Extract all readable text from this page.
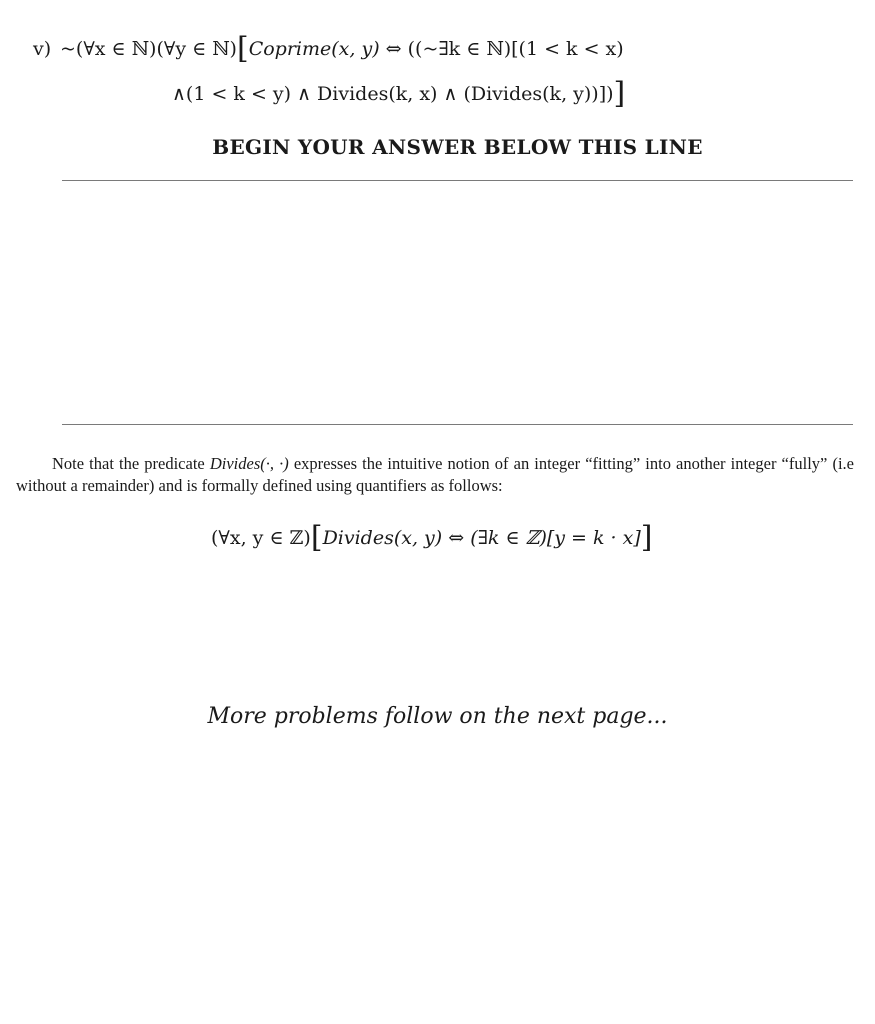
v) ~(∀x ∈ ℕ)(∀y ∈ ℕ)[Coprime(x, y) ⇔ ((~∃k ∈ ℕ)[(1 < k < x)
∧(1 < k < y) ∧ Divides(k, x) ∧ (Divides(k, y))])]
BEGIN YOUR ANSWER BELOW THIS LINE
Note that the predicate Divides(·, ·) expresses the intuitive notion of an integer “fitting” into another integer “fully” (i.e without a remainder) and is formally defined using quantifiers as follows:
(∀x, y ∈ ℤ)[Divides(x, y) ⇔ (∃k ∈ ℤ)[y = k · x]]
More problems follow on the next page...
